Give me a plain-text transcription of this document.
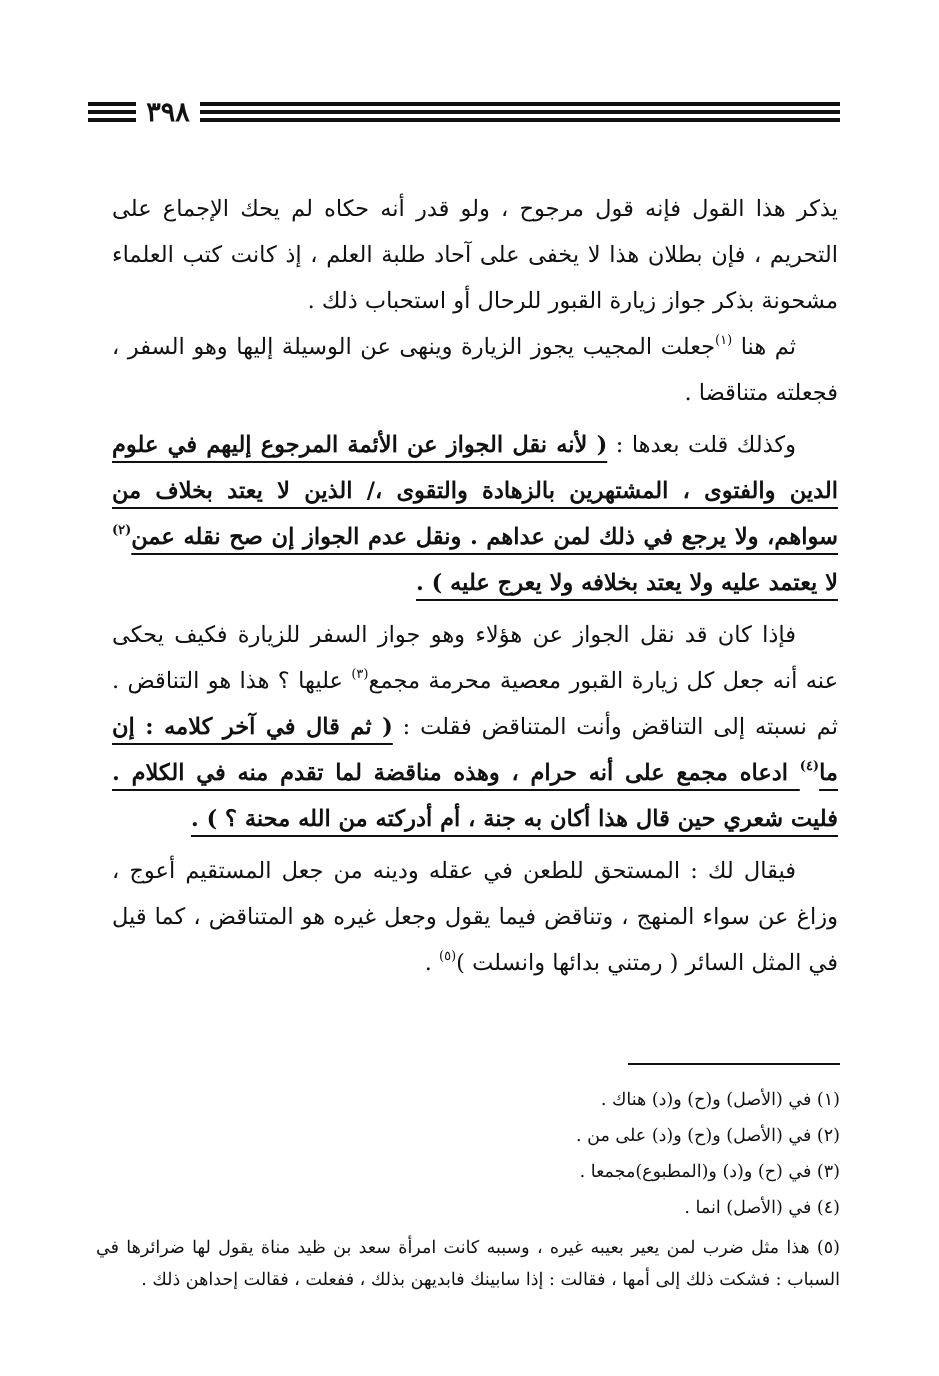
٣٩٨

يذكر هذا القول فإنه قول مرجوح ، ولو قدر أنه حكاه لم يحك الإجماع على التحريم ، فإن بطلان هذا لا يخفى على آحاد طلبة العلم ، إذ كانت كتب العلماء مشحونة بذكر جواز زيارة القبور للرحال أو استحباب ذلك .

ثم هنا $^{(١)}$جعلت المجيب يجوز الزيارة وينهى عن الوسيلة إليها وهو السفر ، فجعلته متناقضا .

وكذلك قلت بعدها : ( لأنه نقل الجواز عن الأئمة المرجوع إليهم في علوم الدين والفتوى ، المشتهرين بالزهادة والتقوى ،/ الذين لا يعتد بخلاف من سواهم، ولا يرجع في ذلك لمن عداهم . ونقل عدم الجواز إن صح نقله عمن$^{(٢)}$ لا يعتمد عليه ولا يعتد بخلافه ولا يعرج عليه ) .

فإذا كان قد نقل الجواز عن هؤلاء وهو جواز السفر للزيارة فكيف يحكى عنه أنه جعل كل زيارة القبور معصية محرمة مجمع$^{(٣)}$ عليها ؟ هذا هو التناقض . ثم نسبته إلى التناقض وأنت المتناقض فقلت : ( ثم قال في آخر كلامه : إن ما$^{(٤)}$ ادعاه مجمع على أنه حرام ، وهذه مناقضة لما تقدم منه في الكلام . فليت شعري حين قال هذا أكان به جنة ، أم أدركته من الله محنة ؟ ) .

فيقال لك : المستحق للطعن في عقله ودينه من جعل المستقيم أعوج ، وزاغ عن سواء المنهج ، وتناقض فيما يقول وجعل غيره هو المتناقض ، كما قيل في المثل السائر ( رمتني بدائها وانسلت )$^{(٥)}$ .

(١) في (الأصل) و(ح) و(د) هناك .

(٢) في (الأصل) و(ح) و(د) على من .

(٣) في (ح) و(د) و(المطبوع)مجمعا .

(٤) في (الأصل) انما .

(٥) هذا مثل ضرب لمن يعير بعيبه غيره ، وسببه كانت امرأة سعد بن ظيد مناة يقول لها ضرائرها في السباب : فشكت ذلك إلى أمها ، فقالت : إذا سابينك فابديهن بذلك ، ففعلت ، فقالت إحداهن ذلك .
